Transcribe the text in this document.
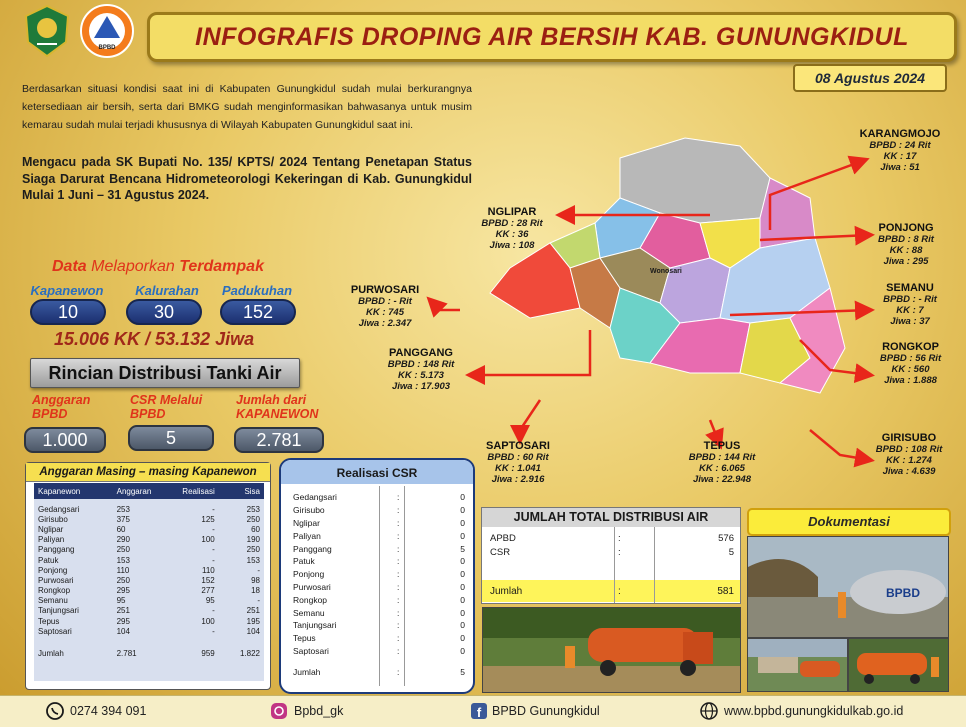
BPBD	INFOGRAFIS DROPING AIR BERSIH KAB. GUNUNGKIDUL
08 Agustus 2024
Berdasarkan situasi kondisi saat ini di Kabupaten Gunungkidul sudah mulai berkurangnya ketersediaan air bersih, serta dari BMKG sudah menginformasikan bahwasanya untuk musim kemarau sudah mulai terjadi khususnya di Wilayah Kabupaten Gunungkidul saat ini.
Mengacu pada SK Bupati No. 135/ KPTS/ 2024 Tentang Penetapan Status Siaga Darurat Bencana Hidrometeorologi Kekeringan di Kab. Gunungkidul Mulai 1 Juni – 31 Agustus 2024.
Data Melaporkan Terdampak
Kapanewon	Kalurahan	Padukuhan
10	30	152
15.006 KK / 53.132 Jiwa
Rincian Distribusi Tanki Air
Anggaran BPBD
CSR Melalui BPBD
Jumlah dari KAPANEWON
1.000	5	2.781
Anggaran Masing – masing Kapanewon
Kapanewon	Anggaran	Realisasi	Sisa
Gedangsari	253	-	253
Girisubo	375	125	250
Nglipar	60	-	60
Paliyan	290	100	190
Panggang	250	-	250
Patuk	153	-	153
Ponjong	110	110	-
Purwosari	250	152	98
Rongkop	295	277	18
Semanu	95	95	-
Tanjungsari	251	-	251
Tepus	295	100	195
Saptosari	104	-	104
Jumlah	2.781	959	1.822
Realisasi CSR
Gedangsari	:	0
Girisubo	:	0
Nglipar	:	0
Paliyan	:	0
Panggang	:	5
Patuk	:	0
Ponjong	:	0
Purwosari	:	0
Rongkop	:	0
Semanu	:	0
Tanjungsari	:	0
Tepus	:	0
Saptosari	:	0
Jumlah	:	5
JUMLAH TOTAL DISTRIBUSI AIR
APBD	:	576
CSR	:	5
Jumlah	:	581
Dokumentasi
BPBD
Wonosari
KARANGMOJO
BPBD : 24 Rit
KK : 17
Jiwa : 51
NGLIPAR
BPBD : 28 Rit
KK : 36
Jiwa : 108
PONJONG
BPBD : 8 Rit
KK : 88
Jiwa : 295
PURWOSARI
BPBD : - Rit
KK : 745
Jiwa : 2.347
SEMANU
BPBD : - Rit
KK : 7
Jiwa : 37
PANGGANG
BPBD : 148 Rit
KK : 5.173
Jiwa : 17.903
RONGKOP
BPBD : 56 Rit
KK : 560
Jiwa : 1.888
SAPTOSARI
BPBD : 60 Rit
KK : 1.041
Jiwa : 2.916
TEPUS
BPBD : 144 Rit
KK : 6.065
Jiwa : 22.948
GIRISUBO
BPBD : 108 Rit
KK : 1.274
Jiwa : 4.639
0274 394 091	Bpbd_gk	f BPBD Gunungkidul	www.bpbd.gunungkidulkab.go.id
